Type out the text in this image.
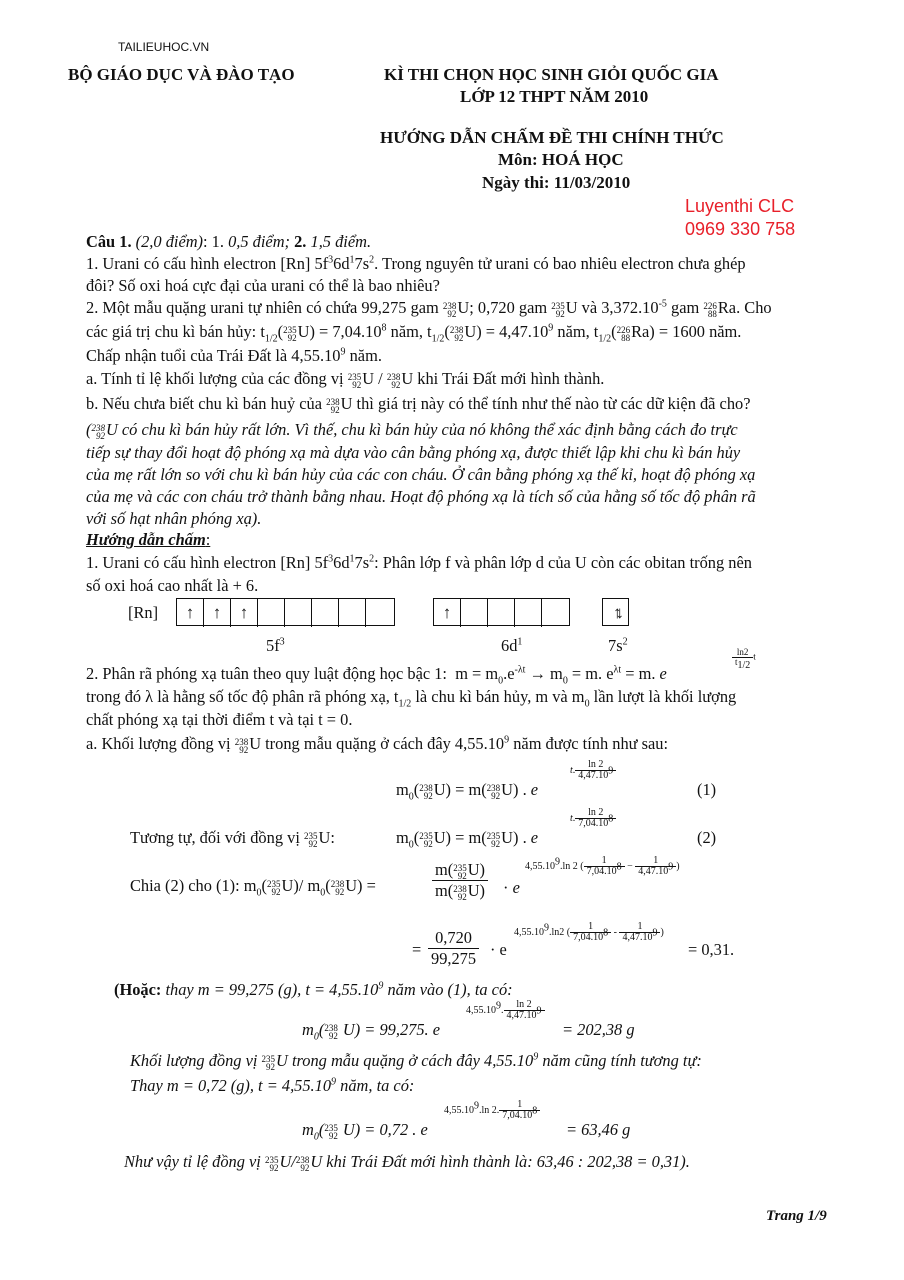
TAILIEUHOC.VN
BỘ GIÁO DỤC VÀ ĐÀO TẠO	KÌ THI CHỌN HỌC SINH GIỎI QUỐC GIA
LỚP 12 THPT NĂM 2010
HƯỚNG DẪN CHẤM ĐỀ THI CHÍNH THỨC
Môn: HOÁ HỌC
Ngày thi: 11/03/2010
Luyenthi CLC
0969 330 758
Câu 1. (2,0 điểm): 1. 0,5 điểm; 2. 1,5 điểm.
1. Urani có cấu hình electron [Rn] $5f^36d^17s^2$. Trong nguyên tử urani có bao nhiêu electron chưa ghép
đôi? Số oxi hoá cực đại của urani có thể là bao nhiêu?
2. Một mẫu quặng urani tự nhiên có chứa 99,275 gam 238
92 U; 0,720 gam 235
92 U và $3,372.10^{-5}$ gam 226
88 Ra. Cho
các giá trị chu kì bán hủy: $t_{1/2}$( 235
92 $U) = 7,04.10^8$ năm, $t_{1/2}$( 238
92 $U) = 4,47.10^9$ năm, $t_{1/2}$( 226
88 Ra) = 1600 năm.
Chấp nhận tuổi của Trái Đất là 4,55.10$^9$ năm.
a. Tính tỉ lệ khối lượng của các đồng vị 235
92 U / 238
92 U khi Trái Đất mới hình thành.
b. Nếu chưa biết chu kì bán huỷ của 238
92 U thì giá trị này có thể tính như thế nào từ các dữ kiện đã cho?
( 238
92 U có chu kì bán hủy rất lớn. Vì thế, chu kì bán hủy của nó không thể xác định bằng cách đo trực
tiếp sự thay đổi hoạt độ phóng xạ mà dựa vào cân bằng phóng xạ, được thiết lập khi chu kì bán hủy
của mẹ rất lớn so với chu kì bán hủy của các con cháu. Ở cân bằng phóng xạ thế kỉ, hoạt độ phóng xạ
của mẹ và các con cháu trở thành bằng nhau. Hoạt độ phóng xạ là tích số của hằng số tốc độ phân rã
với số hạt nhân phóng xạ).
Hướng dẫn chấm:
1. Urani có cấu hình electron [Rn] $5f^36d^17s^2$: Phân lớp f và phân lớp d của U còn các obitan trống nên
số oxi hoá cao nhất là + 6.
[Rn]	↑	↑	↑	↑	↑↓
$5f^3$	$6d^1$	$7s^2$
2. Phân rã phóng xạ tuân theo quy luật động học bậc 1: $m = m_0.e^{-\lambda t} \to m_0 = m$. $e^{\lambda t} = m$. e
$\frac{\ln 2}{t_{1/2}}$ t
trong đó λ là hằng số tốc độ phân rã phóng xạ, $t_{1/2}$ là chu kì bán hủy, m và $m_0$ lần lượt là khối lượng
chất phóng xạ tại thời điểm t và tại t = 0.
a. Khối lượng đồng vị 238
92 U trong mẫu quặng ở cách đây 4,55.10$^9$ năm được tính như sau:
$m_0$( 238
92 U) = m( 238
92 U) . e
t. $\frac{\ln 2}{4,47.10^9}$
(1)
Tương tự, đối với đồng vị 235
92 U:	$m_0$( 235
92 U) = m( 235
92 U) . e
t. $\frac{\ln 2}{7,04.10^8}$
(2)
Chia (2) cho (1): $m_0$( 235
92 U)/ $m_0$( 238
92 U) =	m( 235
92 U)
m( 238
92 U) · e
4,55.10$^9$.ln 2 ( $\frac{1}{7,04.10^8} - \frac{1}{4,47.10^9}$ )
= $\frac{0,720}{99,275} \cdot e$
4,55.10$^9$.ln2 ( $\frac{1}{7,04.10^8} - \frac{1}{4,47.10^9}$ )
= 0,31.
(Hoặc: thay m = 99,275 (g), $t = 4,55.10^9$ năm vào (1), ta có:
$m_0$( 238
92 U) = 99,275. e
4,55.10$^9$. $\frac{\ln 2}{4,47.10^9}$
= 202,38 g
Khối lượng đồng vị 235
92 U trong mẫu quặng ở cách đây 4,55.10$^9$ năm cũng tính tương tự:
Thay m = 0,72 (g), $t = 4,55.10^9$ năm, ta có:
$m_0$( 235
92 U) = 0,72 . e
4,55.10$^9$.ln 2. $\frac{1}{7,04.10^8}$
= 63,46 g
Như vậy tỉ lệ đồng vị 235
92 U/ 238
92 U khi Trái Đất mới hình thành là: 63,46 : 202,38 = 0,31).
Trang 1/9
